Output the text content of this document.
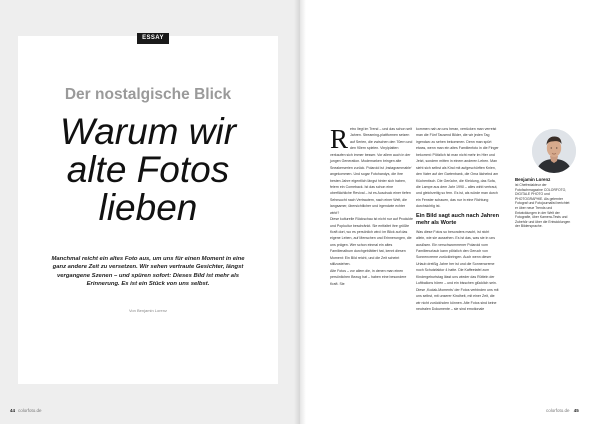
ESSAY
Der nostalgische Blick
Warum wir
alte Fotos
lieben
Manchmal reicht ein altes Foto aus, um uns für einen Moment in eine ganz andere Zeit zu versetzen. Wir sehen vertraute Gesichter, längst vergangene Szenen – und spüren sofort: Dieses Bild ist mehr als Erinnerung. Es ist ein Stück von uns selbst.
Von Benjamin Lorenz
44 colorfoto.de
R etro liegt im Trend – und das schon seit Jahren. Streaming-plattformen setzen auf Serien, die zwischen den 70ern und den 90ern spielen. Vinylplatten verkaufen sich immer besser. Vor allem auch in der jungen Generation. Modemarken bringen alte Sneakerserien zurück. Polaroid ist ‚Instagrammable‘ angekommen. Und sogar Fotohandys, die ihre besten Jahre eigentlich längst hinter sich haben, feiern ein Comeback. Ist das schon eine oberflächliche Revival – ist es Ausdruck einer tiefen Sehnsucht nach Vertrautem, nach einer Welt, die langsamer, übersichtlicher und irgendwie echter wirkt?

Diese kulturelle Rückschau ist nicht nur auf Produkte und Popkultur beschränkt. Sie entfaltet ihre größte Kraft dort, wo es persönlich wird: im Blick auf das eigene Leben, auf Menschen und Erinnerungen, die uns prägen. Wer schon einmal ein altes Familienalbum durchgeblättert hat, kennt diesen Moment: Ein Bild reicht, und die Zeit scheint stillzustehen.

Alte Fotos – vor allem die, in denen man einen persönlichen Bezug hat – haben eine besondere Kraft. Sie

kommen nah an uns heran, verrücken man verreist man die Fünf Tausend Bilder, die wir jeden Tag irgendwo zu sehen bekommen. Denn man spürt etwas, wenn man ein altes Familienfoto in die Finger bekommt: Plötzlich ist man nicht mehr im Hier und Jetzt, sondern mitten in einem anderen Leben. Man sieht sich selbst als Kind mit aufgeschürften Knien, den Vater auf der Gartenbank, die Oma lächelnd am Küchentisch. Die Gerüche, die Kleidung, das Sofa, die Lampe aus dem Jahr 1990 – alles wirkt vertraut, und gleichzeitig so fern. Es ist, als würde man durch ein Fenster schauen, das nur in eine Richtung durchsichtig ist.

Ein Bild sagt auch nach Jahren mehr als Worte

Was diese Fotos so besonders macht, ist nicht allein, wie sie aussehen. Es ist das, was sie in uns auslösen. Ein verschwommener Polaroid vom Familienurlaub kann plötzlich den Geruch von Sonnencreme zurückbringen. Auch wenn dieser Urlaub dreißig Jahre her ist und die Sonnencreme noch Schutzfaktor 4 hatte. Die Kaffeetafel zum Kindergeburtstag lässt uns wieder das Rütteln der Luftballons hören – und ein bisschen glücklich sein. Diese ,Kodak-Moments' der Fotos verbinden uns mit uns selbst, mit unserer Kindheit, mit einer Zeit, die wir nicht zurückholen können. Alte Fotos sind keine neutralen Dokumente – sie sind emotionale

Benjamin Lorenz
ist Chefredakteur der Fotofachmagazine COLORFOTO, DIGITALE PHOTO und PHOTOGRAPHIE. Als gelernter Fotograf und Fotojournalist berichtet er über neue Trends und Entwicklungen in der Welt der Fotografie, über Kamera-Tests und Zubehör und über die Entwicklungen der Bildersprache.
colorfoto.de 45
